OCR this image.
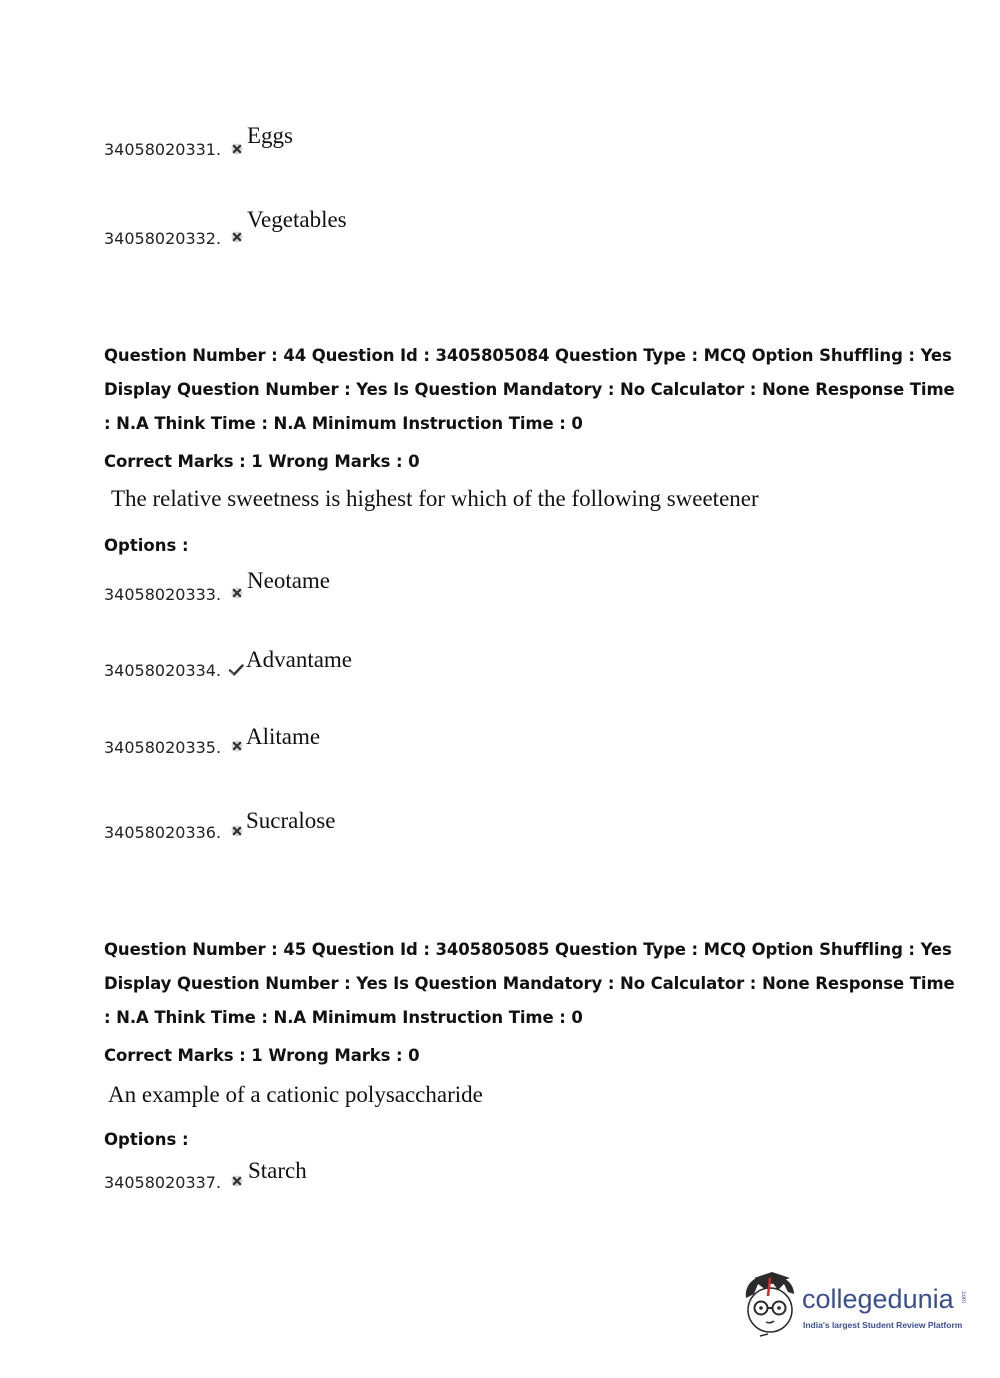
34058020331.
Eggs
34058020332.
Vegetables
Question Number : 44 Question Id : 3405805084 Question Type : MCQ Option Shuffling : Yes
Display Question Number : Yes Is Question Mandatory : No Calculator : None Response Time
: N.A Think Time : N.A Minimum Instruction Time : 0
Correct Marks : 1 Wrong Marks : 0
The relative sweetness is highest for which of the following sweetener
Options :
34058020333.
Neotame
34058020334.	Advantame
34058020335.	Alitame
34058020336.	Sucralose
Question Number : 45 Question Id : 3405805085 Question Type : MCQ Option Shuffling : Yes
Display Question Number : Yes Is Question Mandatory : No Calculator : None Response Time
: N.A Think Time : N.A Minimum Instruction Time : 0
Correct Marks : 1 Wrong Marks : 0
An example of a cationic polysaccharide
Options :
34058020337.	Starch
collegedunia .com
India's largest Student Review Platform
